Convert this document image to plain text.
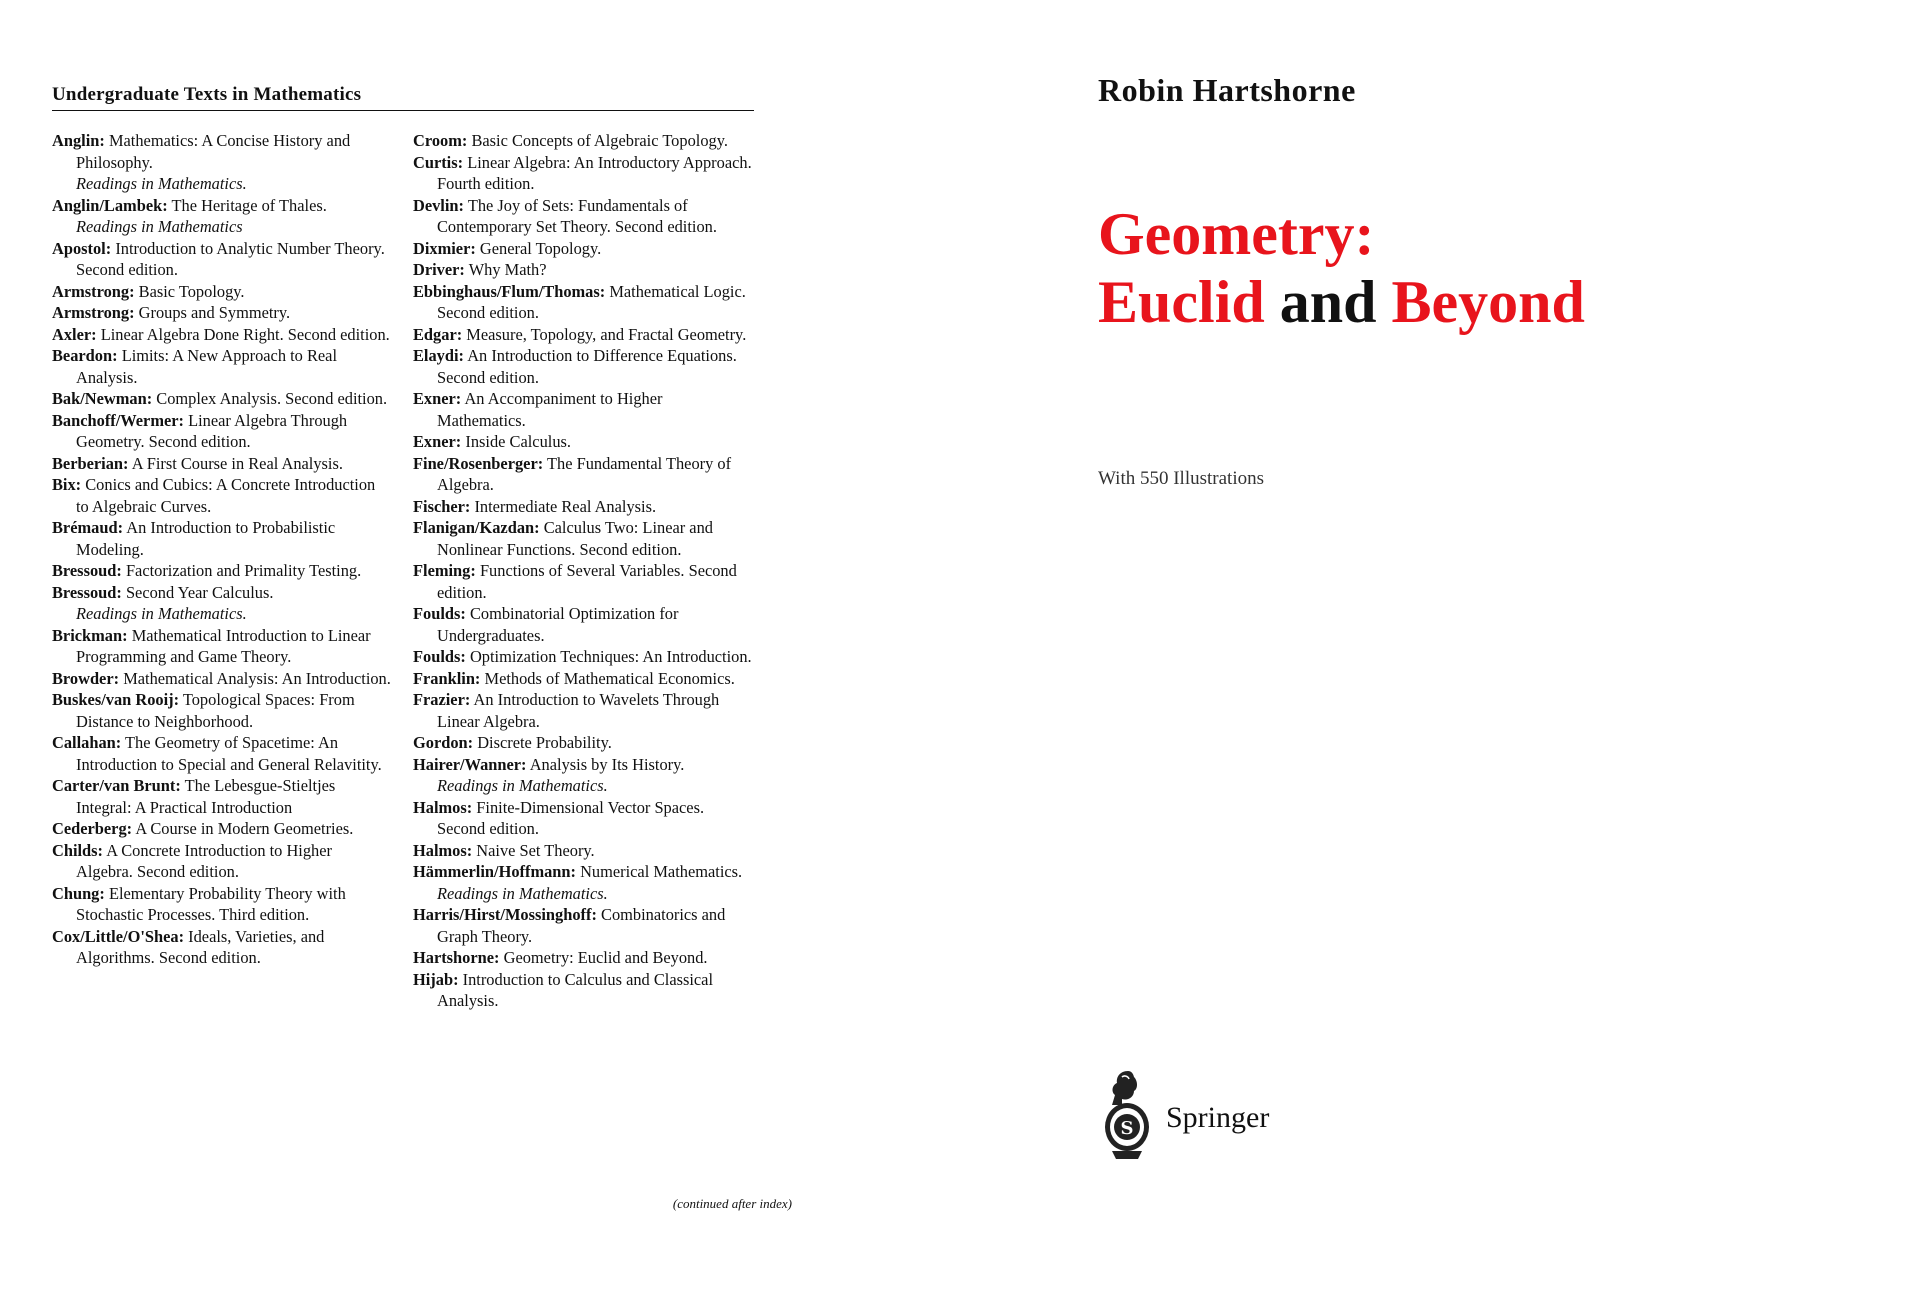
Undergraduate Texts in Mathematics

Anglin: Mathematics: A Concise History and Philosophy.
Readings in Mathematics.

Anglin/Lambek: The Heritage of Thales.
Readings in Mathematics

Apostol: Introduction to Analytic Number Theory. Second edition.

Armstrong: Basic Topology.

Armstrong: Groups and Symmetry.

Axler: Linear Algebra Done Right. Second edition.

Beardon: Limits: A New Approach to Real Analysis.

Bak/Newman: Complex Analysis. Second edition.

Banchoff/Wermer: Linear Algebra Through Geometry. Second edition.

Berberian: A First Course in Real Analysis.

Bix: Conics and Cubics: A Concrete Introduction to Algebraic Curves.

Brémaud: An Introduction to Probabilistic Modeling.

Bressoud: Factorization and Primality Testing.

Bressoud: Second Year Calculus.
Readings in Mathematics.

Brickman: Mathematical Introduction to Linear Programming and Game Theory.

Browder: Mathematical Analysis: An Introduction.

Buskes/van Rooij: Topological Spaces: From Distance to Neighborhood.

Callahan: The Geometry of Spacetime: An Introduction to Special and General Relavitity.

Carter/van Brunt: The Lebesgue-Stieltjes Integral: A Practical Introduction

Cederberg: A Course in Modern Geometries.

Childs: A Concrete Introduction to Higher Algebra. Second edition.

Chung: Elementary Probability Theory with Stochastic Processes. Third edition.

Cox/Little/O'Shea: Ideals, Varieties, and Algorithms. Second edition.

Croom: Basic Concepts of Algebraic Topology.

Curtis: Linear Algebra: An Introductory Approach. Fourth edition.

Devlin: The Joy of Sets: Fundamentals of Contemporary Set Theory. Second edition.

Dixmier: General Topology.

Driver: Why Math?

Ebbinghaus/Flum/Thomas: Mathematical Logic. Second edition.

Edgar: Measure, Topology, and Fractal Geometry.

Elaydi: An Introduction to Difference Equations. Second edition.

Exner: An Accompaniment to Higher Mathematics.

Exner: Inside Calculus.

Fine/Rosenberger: The Fundamental Theory of Algebra.

Fischer: Intermediate Real Analysis.

Flanigan/Kazdan: Calculus Two: Linear and Nonlinear Functions. Second edition.

Fleming: Functions of Several Variables. Second edition.

Foulds: Combinatorial Optimization for Undergraduates.

Foulds: Optimization Techniques: An Introduction.

Franklin: Methods of Mathematical Economics.

Frazier: An Introduction to Wavelets Through Linear Algebra.

Gordon: Discrete Probability.

Hairer/Wanner: Analysis by Its History.
Readings in Mathematics.

Halmos: Finite-Dimensional Vector Spaces. Second edition.

Halmos: Naive Set Theory.

Hämmerlin/Hoffmann: Numerical Mathematics.
Readings in Mathematics.

Harris/Hirst/Mossinghoff: Combinatorics and Graph Theory.

Hartshorne: Geometry: Euclid and Beyond.

Hijab: Introduction to Calculus and Classical Analysis.

(continued after index)
Robin Hartshorne
Geometry:
Euclid and Beyond

With 550 Illustrations

S Springer
